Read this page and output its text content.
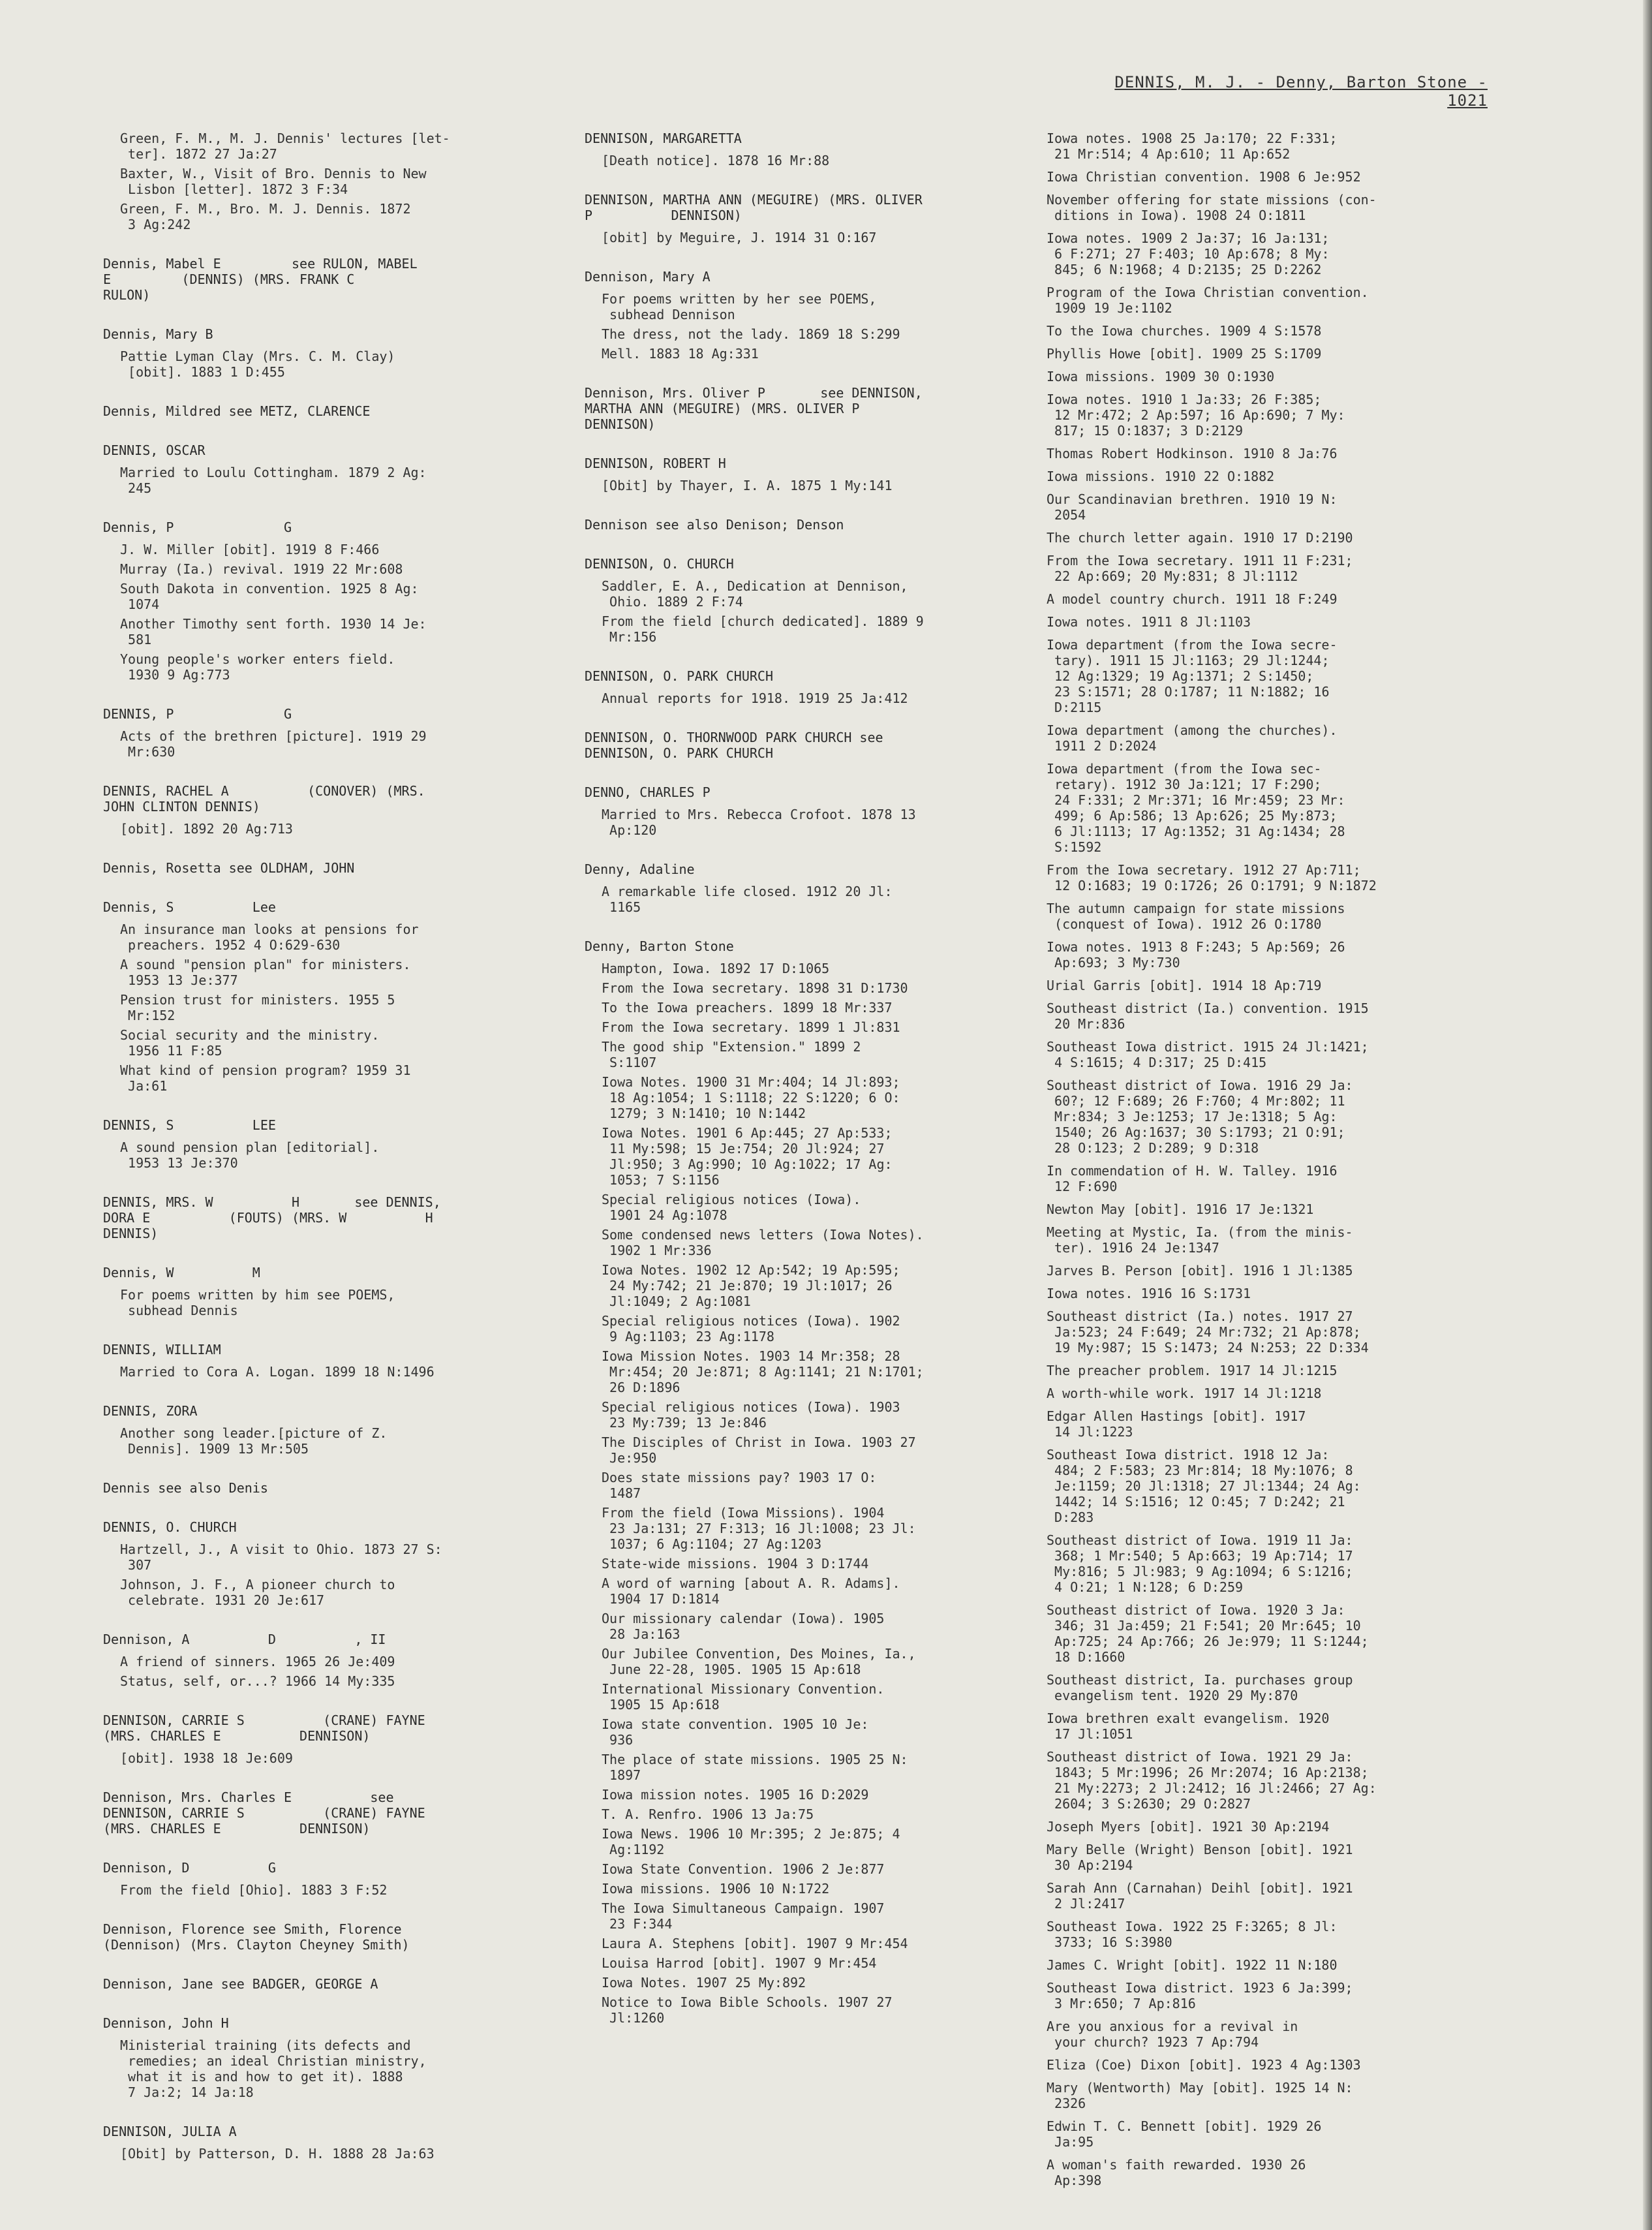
DENNIS, M. J. - Denny, Barton Stone - 1021
Green, F. M., M. J. Dennis' lectures [let-
ter]. 1872 27 Ja:27
Baxter, W., Visit of Bro. Dennis to New
Lisbon [letter]. 1872 3 F:34
Green, F. M., Bro. M. J. Dennis. 1872
3 Ag:242
Dennis, Mabel E         see RULON, MABEL
E         (DENNIS) (MRS. FRANK C
RULON)
Dennis, Mary B
Pattie Lyman Clay (Mrs. C. M. Clay)
[obit]. 1883 1 D:455
Dennis, Mildred see METZ, CLARENCE
DENNIS, OSCAR
Married to Loulu Cottingham. 1879 2 Ag:
245
Dennis, P              G
J. W. Miller [obit]. 1919 8 F:466
Murray (Ia.) revival. 1919 22 Mr:608
South Dakota in convention. 1925 8 Ag:
1074
Another Timothy sent forth. 1930 14 Je:
581
Young people's worker enters field.
1930 9 Ag:773
DENNIS, P              G
Acts of the brethren [picture]. 1919 29
Mr:630
DENNIS, RACHEL A          (CONOVER) (MRS.
JOHN CLINTON DENNIS)
[obit]. 1892 20 Ag:713
Dennis, Rosetta see OLDHAM, JOHN
Dennis, S          Lee
An insurance man looks at pensions for
preachers. 1952 4 O:629-630
A sound "pension plan" for ministers.
1953 13 Je:377
Pension trust for ministers. 1955 5
Mr:152
Social security and the ministry.
1956 11 F:85
What kind of pension program? 1959 31
Ja:61
DENNIS, S          LEE
A sound pension plan [editorial].
1953 13 Je:370
DENNIS, MRS. W          H       see DENNIS,
DORA E          (FOUTS) (MRS. W          H
DENNIS)
Dennis, W          M
For poems written by him see POEMS,
subhead Dennis
DENNIS, WILLIAM
Married to Cora A. Logan. 1899 18 N:1496
DENNIS, ZORA
Another song leader.[picture of Z.
Dennis]. 1909 13 Mr:505
Dennis see also Denis
DENNIS, O. CHURCH
Hartzell, J., A visit to Ohio. 1873 27 S:
307
Johnson, J. F., A pioneer church to
celebrate. 1931 20 Je:617
Dennison, A          D          , II
A friend of sinners. 1965 26 Je:409
Status, self, or...? 1966 14 My:335
DENNISON, CARRIE S          (CRANE) FAYNE
(MRS. CHARLES E          DENNISON)
[obit]. 1938 18 Je:609
Dennison, Mrs. Charles E          see
DENNISON, CARRIE S          (CRANE) FAYNE
(MRS. CHARLES E          DENNISON)
Dennison, D          G
From the field [Ohio]. 1883 3 F:52
Dennison, Florence see Smith, Florence
(Dennison) (Mrs. Clayton Cheyney Smith)
Dennison, Jane see BADGER, GEORGE A
Dennison, John H
Ministerial training (its defects and
remedies; an ideal Christian ministry,
what it is and how to get it). 1888
7 Ja:2; 14 Ja:18
DENNISON, JULIA A
[Obit] by Patterson, D. H. 1888 28 Ja:63
DENNISON, MARGARETTA
[Death notice]. 1878 16 Mr:88
DENNISON, MARTHA ANN (MEGUIRE) (MRS. OLIVER
P          DENNISON)
[obit] by Meguire, J. 1914 31 O:167
Dennison, Mary A
For poems written by her see POEMS,
subhead Dennison
The dress, not the lady. 1869 18 S:299
Mell. 1883 18 Ag:331
Dennison, Mrs. Oliver P       see DENNISON,
MARTHA ANN (MEGUIRE) (MRS. OLIVER P
DENNISON)
DENNISON, ROBERT H
[Obit] by Thayer, I. A. 1875 1 My:141
Dennison see also Denison; Denson
DENNISON, O. CHURCH
Saddler, E. A., Dedication at Dennison,
Ohio. 1889 2 F:74
From the field [church dedicated]. 1889 9
Mr:156
DENNISON, O. PARK CHURCH
Annual reports for 1918. 1919 25 Ja:412
DENNISON, O. THORNWOOD PARK CHURCH see
DENNISON, O. PARK CHURCH
DENNO, CHARLES P
Married to Mrs. Rebecca Crofoot. 1878 13
Ap:120
Denny, Adaline
A remarkable life closed. 1912 20 Jl:
1165
Denny, Barton Stone
Hampton, Iowa. 1892 17 D:1065
From the Iowa secretary. 1898 31 D:1730
To the Iowa preachers. 1899 18 Mr:337
From the Iowa secretary. 1899 1 Jl:831
The good ship "Extension." 1899 2
S:1107
Iowa Notes. 1900 31 Mr:404; 14 Jl:893;
18 Ag:1054; 1 S:1118; 22 S:1220; 6 O:
1279; 3 N:1410; 10 N:1442
Iowa Notes. 1901 6 Ap:445; 27 Ap:533;
11 My:598; 15 Je:754; 20 Jl:924; 27
Jl:950; 3 Ag:990; 10 Ag:1022; 17 Ag:
1053; 7 S:1156
Special religious notices (Iowa).
1901 24 Ag:1078
Some condensed news letters (Iowa Notes).
1902 1 Mr:336
Iowa Notes. 1902 12 Ap:542; 19 Ap:595;
24 My:742; 21 Je:870; 19 Jl:1017; 26
Jl:1049; 2 Ag:1081
Special religious notices (Iowa). 1902
9 Ag:1103; 23 Ag:1178
Iowa Mission Notes. 1903 14 Mr:358; 28
Mr:454; 20 Je:871; 8 Ag:1141; 21 N:1701;
26 D:1896
Special religious notices (Iowa). 1903
23 My:739; 13 Je:846
The Disciples of Christ in Iowa. 1903 27
Je:950
Does state missions pay? 1903 17 O:
1487
From the field (Iowa Missions). 1904
23 Ja:131; 27 F:313; 16 Jl:1008; 23 Jl:
1037; 6 Ag:1104; 27 Ag:1203
State-wide missions. 1904 3 D:1744
A word of warning [about A. R. Adams].
1904 17 D:1814
Our missionary calendar (Iowa). 1905
28 Ja:163
Our Jubilee Convention, Des Moines, Ia.,
June 22-28, 1905. 1905 15 Ap:618
International Missionary Convention.
1905 15 Ap:618
Iowa state convention. 1905 10 Je:
936
The place of state missions. 1905 25 N:
1897
Iowa mission notes. 1905 16 D:2029
T. A. Renfro. 1906 13 Ja:75
Iowa News. 1906 10 Mr:395; 2 Je:875; 4
Ag:1192
Iowa State Convention. 1906 2 Je:877
Iowa missions. 1906 10 N:1722
The Iowa Simultaneous Campaign. 1907
23 F:344
Laura A. Stephens [obit]. 1907 9 Mr:454
Louisa Harrod [obit]. 1907 9 Mr:454
Iowa Notes. 1907 25 My:892
Notice to Iowa Bible Schools. 1907 27
Jl:1260
Iowa notes. 1908 25 Ja:170; 22 F:331;
21 Mr:514; 4 Ap:610; 11 Ap:652
Iowa Christian convention. 1908 6 Je:952
November offering for state missions (con-
ditions in Iowa). 1908 24 O:1811
Iowa notes. 1909 2 Ja:37; 16 Ja:131;
6 F:271; 27 F:403; 10 Ap:678; 8 My:
845; 6 N:1968; 4 D:2135; 25 D:2262
Program of the Iowa Christian convention.
1909 19 Je:1102
To the Iowa churches. 1909 4 S:1578
Phyllis Howe [obit]. 1909 25 S:1709
Iowa missions. 1909 30 O:1930
Iowa notes. 1910 1 Ja:33; 26 F:385;
12 Mr:472; 2 Ap:597; 16 Ap:690; 7 My:
817; 15 O:1837; 3 D:2129
Thomas Robert Hodkinson. 1910 8 Ja:76
Iowa missions. 1910 22 O:1882
Our Scandinavian brethren. 1910 19 N:
2054
The church letter again. 1910 17 D:2190
From the Iowa secretary. 1911 11 F:231;
22 Ap:669; 20 My:831; 8 Jl:1112
A model country church. 1911 18 F:249
Iowa notes. 1911 8 Jl:1103
Iowa department (from the Iowa secre-
tary). 1911 15 Jl:1163; 29 Jl:1244;
12 Ag:1329; 19 Ag:1371; 2 S:1450;
23 S:1571; 28 O:1787; 11 N:1882; 16
D:2115
Iowa department (among the churches).
1911 2 D:2024
Iowa department (from the Iowa sec-
retary). 1912 30 Ja:121; 17 F:290;
24 F:331; 2 Mr:371; 16 Mr:459; 23 Mr:
499; 6 Ap:586; 13 Ap:626; 25 My:873;
6 Jl:1113; 17 Ag:1352; 31 Ag:1434; 28
S:1592
From the Iowa secretary. 1912 27 Ap:711;
12 O:1683; 19 O:1726; 26 O:1791; 9 N:1872
The autumn campaign for state missions
(conquest of Iowa). 1912 26 O:1780
Iowa notes. 1913 8 F:243; 5 Ap:569; 26
Ap:693; 3 My:730
Urial Garris [obit]. 1914 18 Ap:719
Southeast district (Ia.) convention. 1915
20 Mr:836
Southeast Iowa district. 1915 24 Jl:1421;
4 S:1615; 4 D:317; 25 D:415
Southeast district of Iowa. 1916 29 Ja:
60?; 12 F:689; 26 F:760; 4 Mr:802; 11
Mr:834; 3 Je:1253; 17 Je:1318; 5 Ag:
1540; 26 Ag:1637; 30 S:1793; 21 O:91;
28 O:123; 2 D:289; 9 D:318
In commendation of H. W. Talley. 1916
12 F:690
Newton May [obit]. 1916 17 Je:1321
Meeting at Mystic, Ia. (from the minis-
ter). 1916 24 Je:1347
Jarves B. Person [obit]. 1916 1 Jl:1385
Iowa notes. 1916 16 S:1731
Southeast district (Ia.) notes. 1917 27
Ja:523; 24 F:649; 24 Mr:732; 21 Ap:878;
19 My:987; 15 S:1473; 24 N:253; 22 D:334
The preacher problem. 1917 14 Jl:1215
A worth-while work. 1917 14 Jl:1218
Edgar Allen Hastings [obit]. 1917
14 Jl:1223
Southeast Iowa district. 1918 12 Ja:
484; 2 F:583; 23 Mr:814; 18 My:1076; 8
Je:1159; 20 Jl:1318; 27 Jl:1344; 24 Ag:
1442; 14 S:1516; 12 O:45; 7 D:242; 21
D:283
Southeast district of Iowa. 1919 11 Ja:
368; 1 Mr:540; 5 Ap:663; 19 Ap:714; 17
My:816; 5 Jl:983; 9 Ag:1094; 6 S:1216;
4 O:21; 1 N:128; 6 D:259
Southeast district of Iowa. 1920 3 Ja:
346; 31 Ja:459; 21 F:541; 20 Mr:645; 10
Ap:725; 24 Ap:766; 26 Je:979; 11 S:1244;
18 D:1660
Southeast district, Ia. purchases group
evangelism tent. 1920 29 My:870
Iowa brethren exalt evangelism. 1920
17 Jl:1051
Southeast district of Iowa. 1921 29 Ja:
1843; 5 Mr:1996; 26 Mr:2074; 16 Ap:2138;
21 My:2273; 2 Jl:2412; 16 Jl:2466; 27 Ag:
2604; 3 S:2630; 29 O:2827
Joseph Myers [obit]. 1921 30 Ap:2194
Mary Belle (Wright) Benson [obit]. 1921
30 Ap:2194
Sarah Ann (Carnahan) Deihl [obit]. 1921
2 Jl:2417
Southeast Iowa. 1922 25 F:3265; 8 Jl:
3733; 16 S:3980
James C. Wright [obit]. 1922 11 N:180
Southeast Iowa district. 1923 6 Ja:399;
3 Mr:650; 7 Ap:816
Are you anxious for a revival in
your church? 1923 7 Ap:794
Eliza (Coe) Dixon [obit]. 1923 4 Ag:1303
Mary (Wentworth) May [obit]. 1925 14 N:
2326
Edwin T. C. Bennett [obit]. 1929 26
Ja:95
A woman's faith rewarded. 1930 26
Ap:398
